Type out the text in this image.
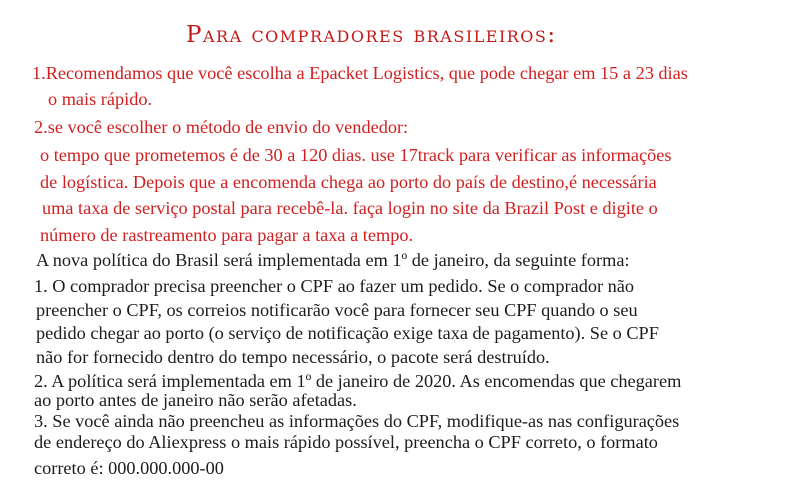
Para compradores brasileiros:
1.Recomendamos que você escolha a Epacket Logistics, que pode chegar em 15 a 23 dias
o mais rápido.
2.se você escolher o método de envio do vendedor:
o tempo que prometemos é de 30 a 120 dias. use 17track para verificar as informações
de logística. Depois que a encomenda chega ao porto do país de destino,é necessária
uma taxa de serviço postal para recebê-la. faça login no site da Brazil Post e digite o
número de rastreamento para pagar a taxa a tempo.
A nova política do Brasil será implementada em 1º de janeiro, da seguinte forma:
1. O comprador precisa preencher o CPF ao fazer um pedido. Se o comprador não
preencher o CPF, os correios notificarão você para fornecer seu CPF quando o seu
pedido chegar ao porto (o serviço de notificação exige taxa de pagamento). Se o CPF
não for fornecido dentro do tempo necessário, o pacote será destruído.
2. A política será implementada em 1º de janeiro de 2020. As encomendas que chegarem
ao porto antes de janeiro não serão afetadas.
3. Se você ainda não preencheu as informações do CPF, modifique-as nas configurações
de endereço do Aliexpress o mais rápido possível, preencha o CPF correto, o formato
correto é: 000.000.000-00
